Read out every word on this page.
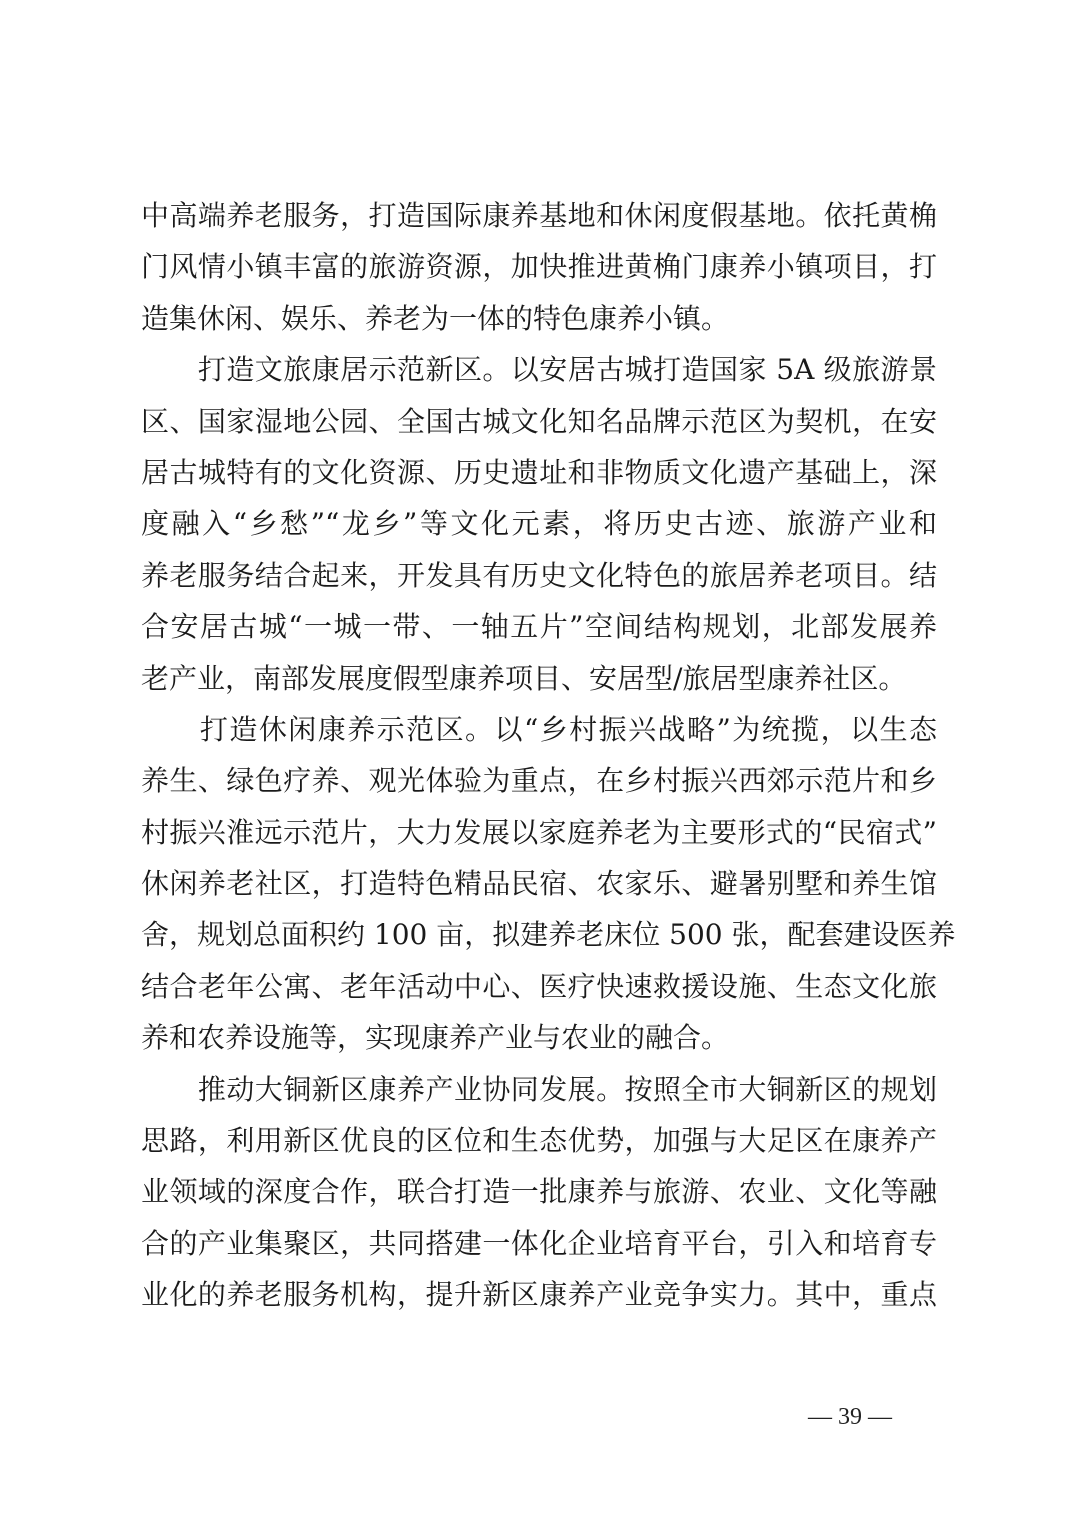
中高端养老服务，打造国际康养基地和休闲度假基地。依托黄桷
门风情小镇丰富的旅游资源，加快推进黄桷门康养小镇项目，打
造集休闲、娱乐、养老为一体的特色康养小镇。
　　打造文旅康居示范新区。以安居古城打造国家 5A 级旅游景
区、国家湿地公园、全国古城文化知名品牌示范区为契机，在安
居古城特有的文化资源、历史遗址和非物质文化遗产基础上，深
度融入“乡愁”“龙乡”等文化元素，将历史古迹、旅游产业和
养老服务结合起来，开发具有历史文化特色的旅居养老项目。结
合安居古城“一城一带、一轴五片”空间结构规划，北部发展养
老产业，南部发展度假型康养项目、安居型/旅居型康养社区。
　　打造休闲康养示范区。以“乡村振兴战略”为统揽，以生态
养生、绿色疗养、观光体验为重点，在乡村振兴西郊示范片和乡
村振兴淮远示范片，大力发展以家庭养老为主要形式的“民宿式”
休闲养老社区，打造特色精品民宿、农家乐、避暑别墅和养生馆
舍，规划总面积约 100 亩，拟建养老床位 500 张，配套建设医养
结合老年公寓、老年活动中心、医疗快速救援设施、生态文化旅
养和农养设施等，实现康养产业与农业的融合。
　　推动大铜新区康养产业协同发展。按照全市大铜新区的规划
思路，利用新区优良的区位和生态优势，加强与大足区在康养产
业领域的深度合作，联合打造一批康养与旅游、农业、文化等融
合的产业集聚区，共同搭建一体化企业培育平台，引入和培育专
业化的养老服务机构，提升新区康养产业竞争实力。其中，重点
— 39 —
